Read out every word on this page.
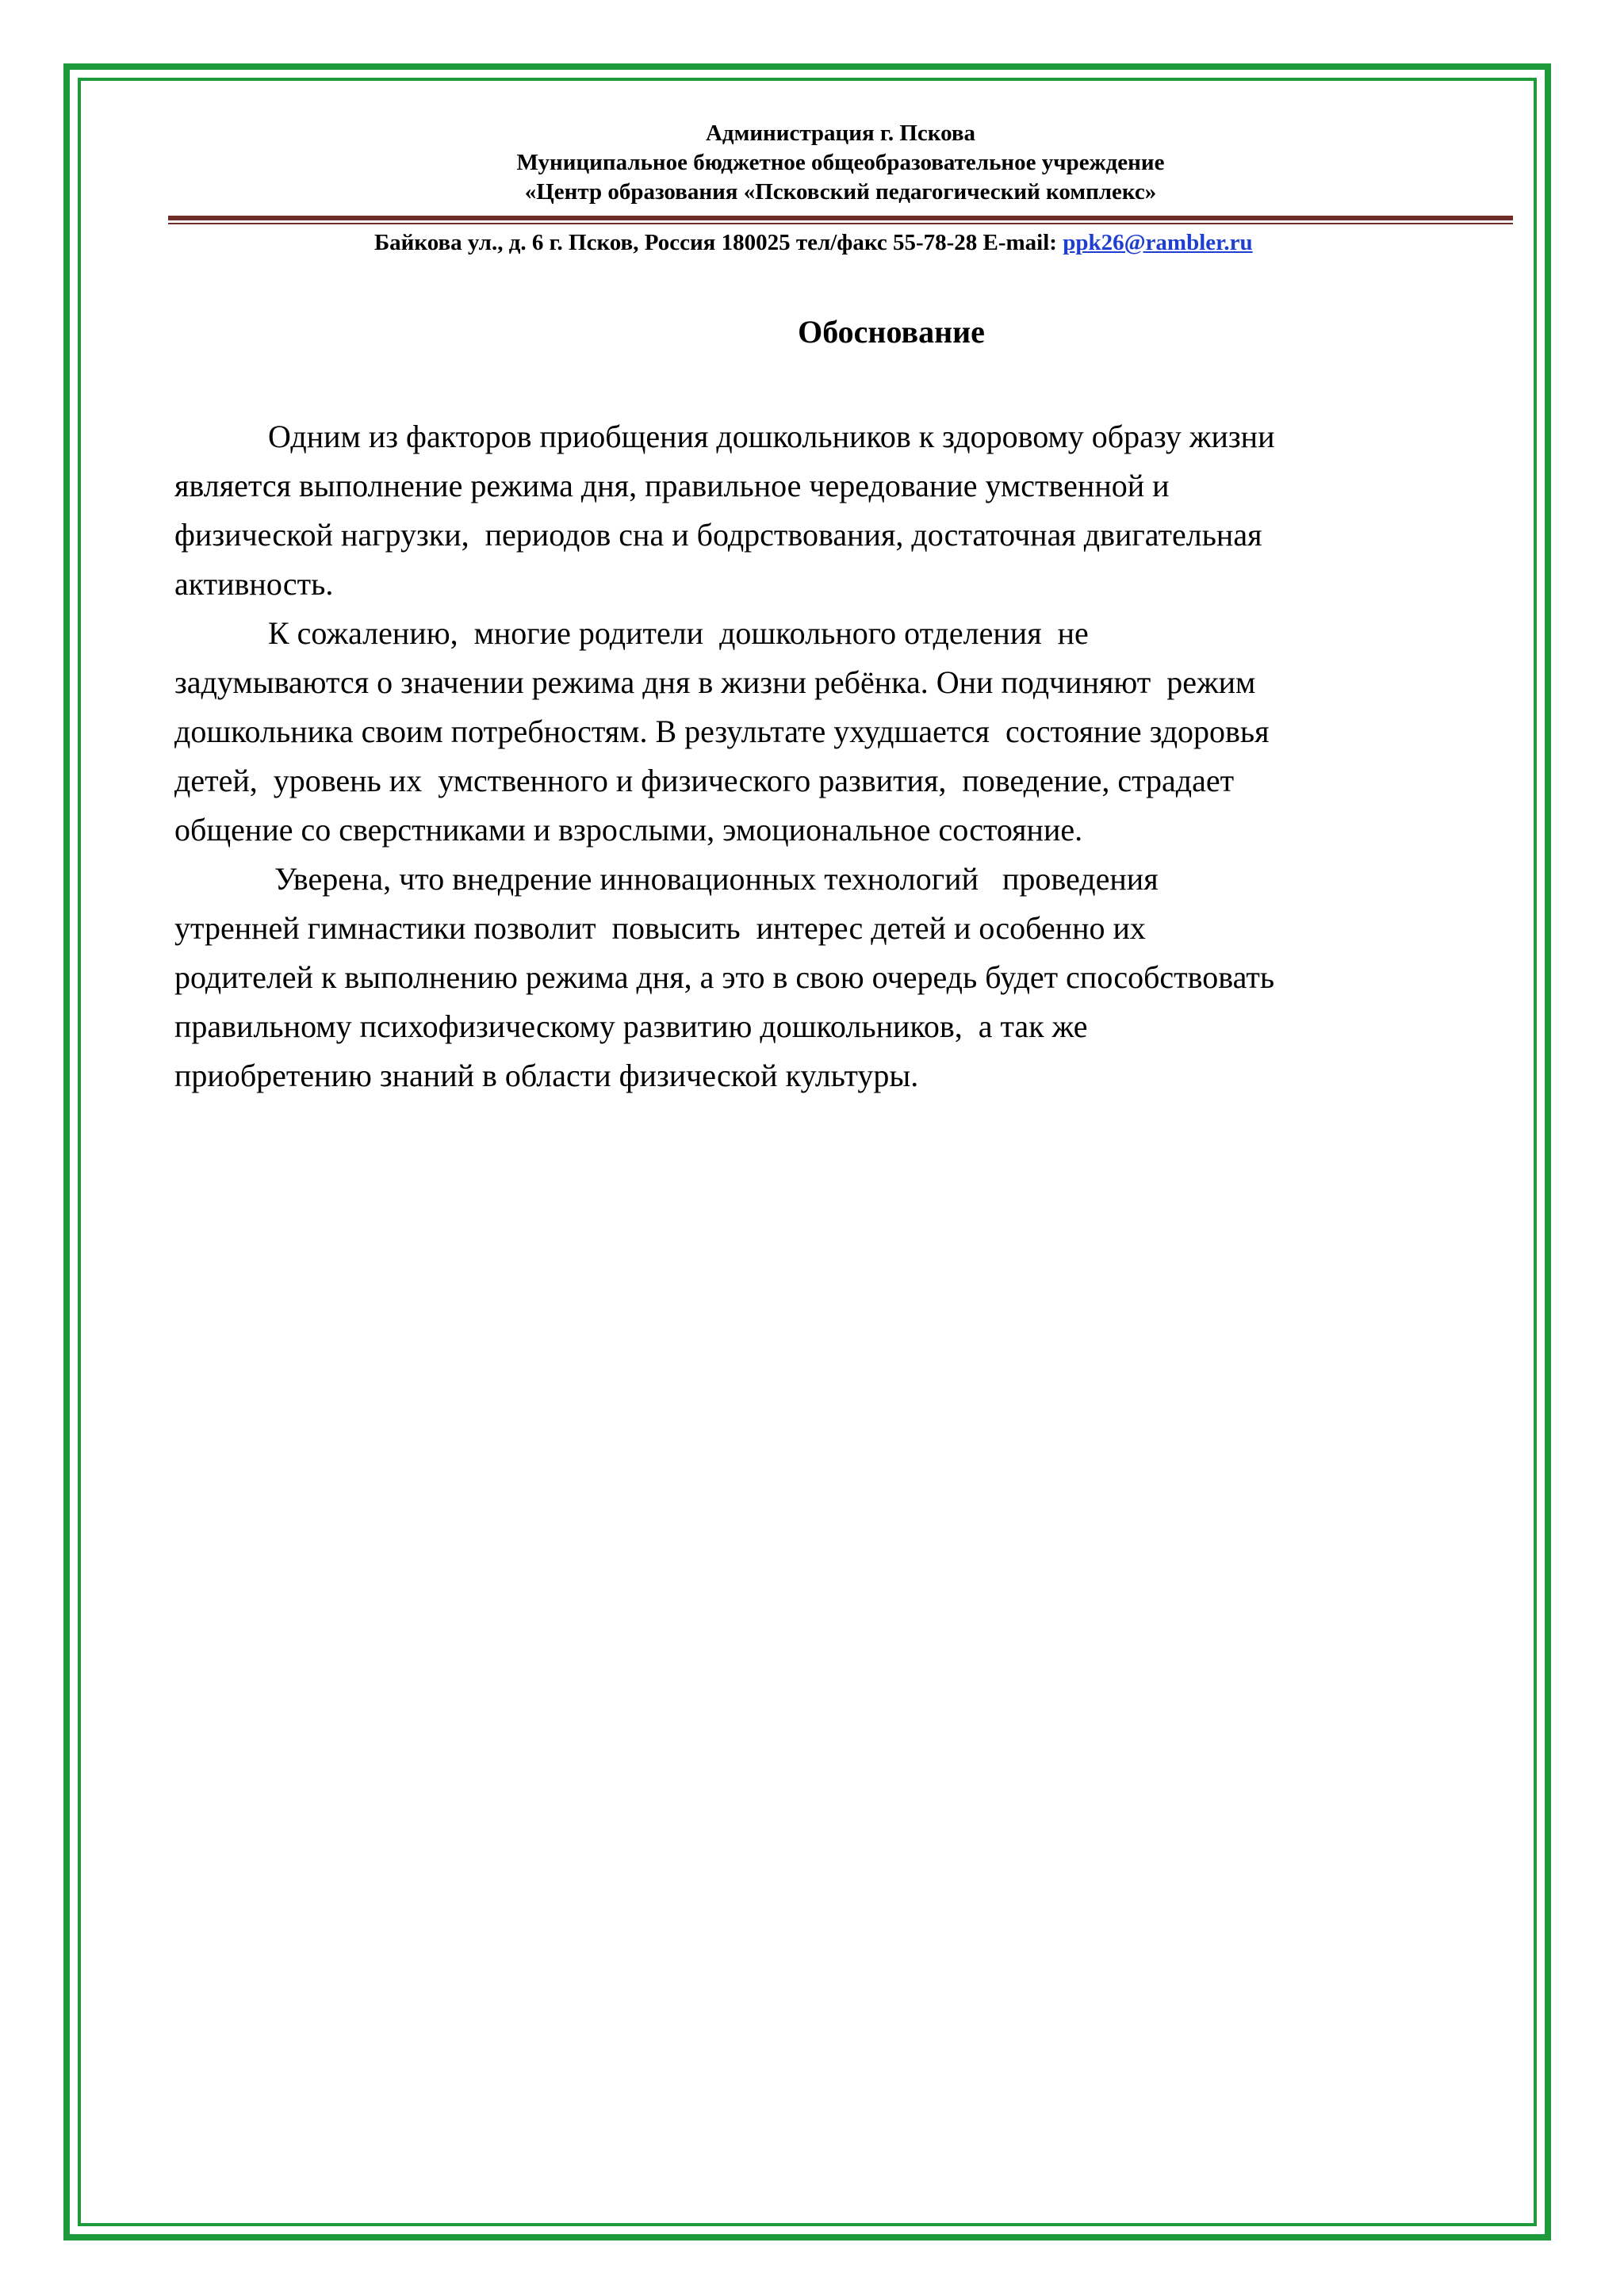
Администрация г. Пскова
Муниципальное бюджетное общеобразовательное учреждение
«Центр образования «Псковский педагогический комплекс»
Байкова ул., д. 6 г. Псков, Россия 180025 тел/факс 55-78-28 E-mail: ppk26@rambler.ru
Обоснование
Одним из факторов приобщения дошкольников к здоровому образу жизни
является выполнение режима дня, правильное чередование умственной и
физической нагрузки,  периодов сна и бодрствования, достаточная двигательная
активность.
К сожалению,  многие родители  дошкольного отделения  не
задумываются о значении режима дня в жизни ребёнка. Они подчиняют  режим
дошкольника своим потребностям. В результате ухудшается  состояние здоровья
детей,  уровень их  умственного и физического развития,  поведение, страдает
общение со сверстниками и взрослыми, эмоциональное состояние.
Уверена, что внедрение инновационных технологий   проведения
утренней гимнастики позволит  повысить  интерес детей и особенно их
родителей к выполнению режима дня, а это в свою очередь будет способствовать
правильному психофизическому развитию дошкольников,  а так же
приобретению знаний в области физической культуры.
